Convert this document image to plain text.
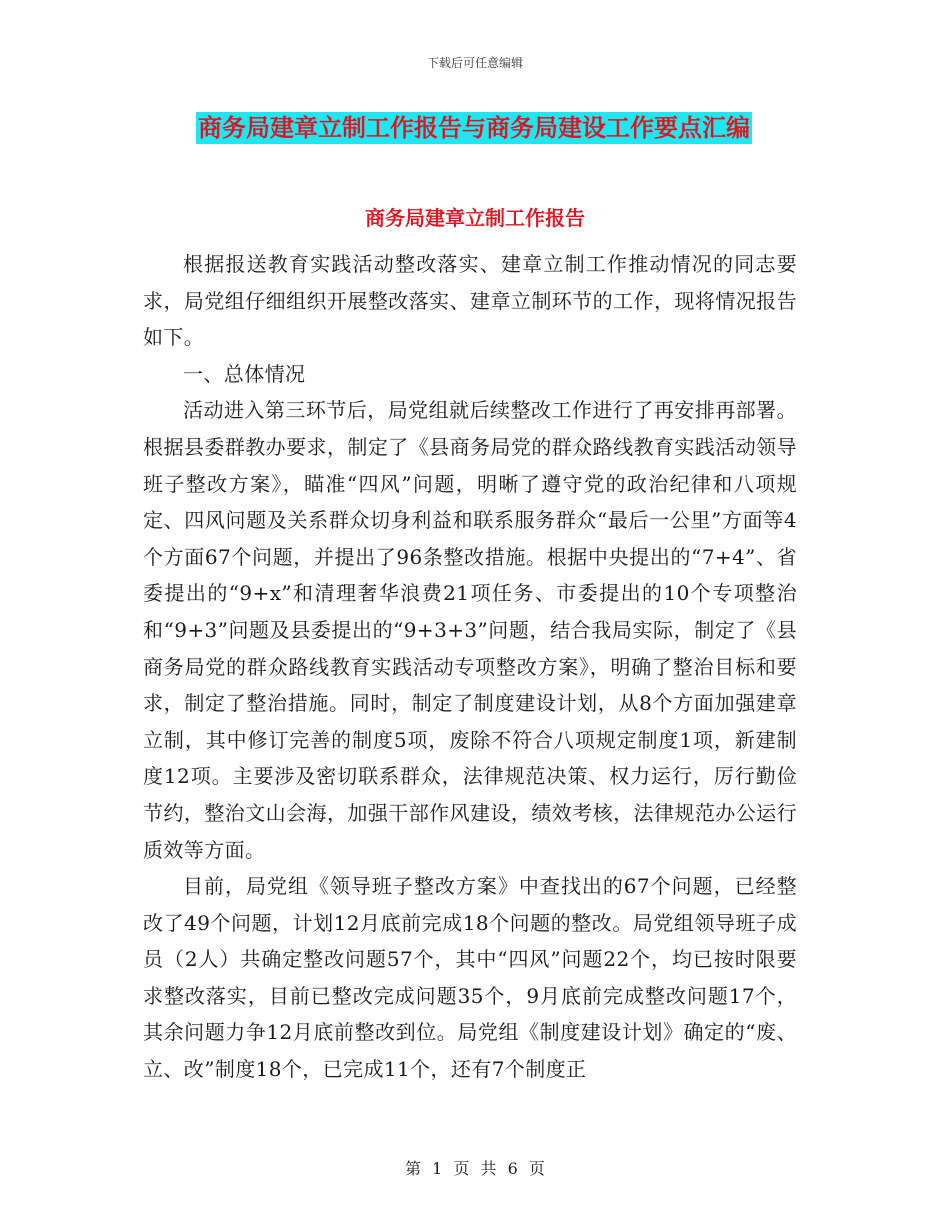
下载后可任意编辑
商务局建章立制工作报告与商务局建设工作要点汇编
商务局建章立制工作报告

根据报送教育实践活动整改落实、建章立制工作推动情况的同志要求，局党组仔细组织开展整改落实、建章立制环节的工作，现将情况报告如下。

一、总体情况

活动进入第三环节后，局党组就后续整改工作进行了再安排再部署。根据县委群教办要求，制定了《县商务局党的群众路线教育实践活动领导班子整改方案》，瞄准“四风”问题，明晰了遵守党的政治纪律和八项规定、四风问题及关系群众切身利益和联系服务群众“最后一公里”方面等4个方面67个问题，并提出了96条整改措施。根据中央提出的“7+4”、省委提出的“9+x”和清理奢华浪费21项任务、市委提出的10个专项整治和“9+3”问题及县委提出的“9+3+3”问题，结合我局实际，制定了《县商务局党的群众路线教育实践活动专项整改方案》，明确了整治目标和要求，制定了整治措施。同时，制定了制度建设计划，从8个方面加强建章立制，其中修订完善的制度5项，废除不符合八项规定制度1项，新建制度12项。主要涉及密切联系群众，法律规范决策、权力运行，厉行勤俭节约，整治文山会海，加强干部作风建设，绩效考核，法律规范办公运行质效等方面。

目前，局党组《领导班子整改方案》中查找出的67个问题，已经整改了49个问题，计划12月底前完成18个问题的整改。局党组领导班子成员（2人）共确定整改问题57个，其中“四风”问题22个，均已按时限要求整改落实，目前已整改完成问题35个，9月底前完成整改问题17个，其余问题力争12月底前整改到位。局党组《制度建设计划》确定的“废、立、改”制度18个，已完成11个，还有7个制度正

第 1 页 共 6 页
